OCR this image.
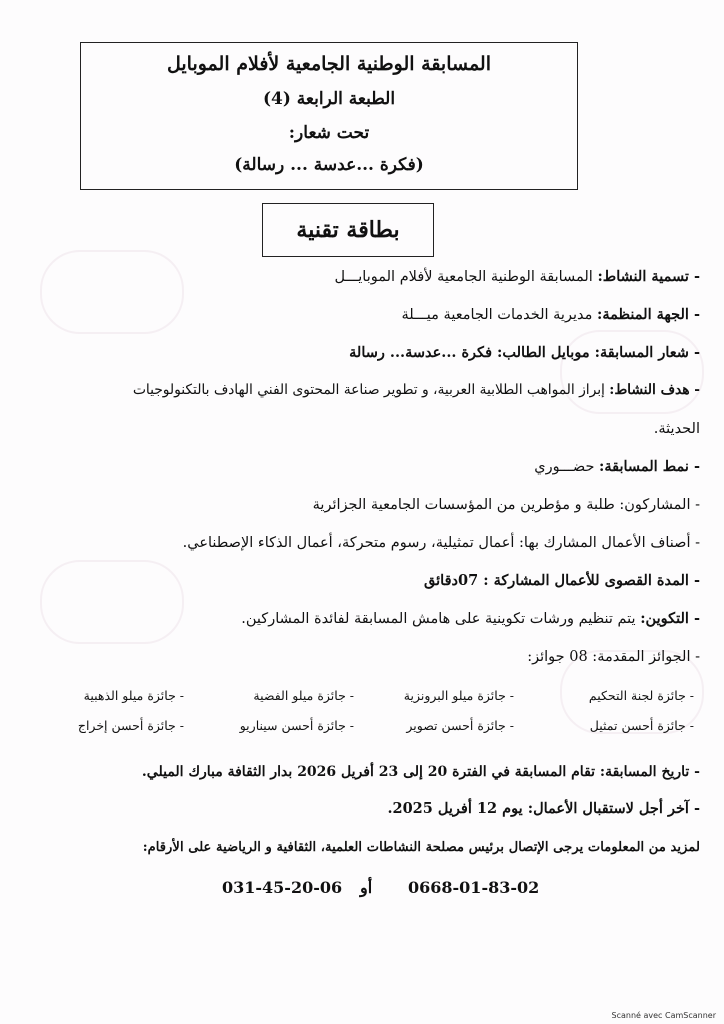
المسابقة الوطنية الجامعية لأفلام الموبايل
الطبعة الرابعة (4)
تحت شعار:
(فكرة ...عدسة ... رسالة)
بطاقة تقنية
- تسمية النشاط: المسابقة الوطنية الجامعية لأفلام الموبايـــل
- الجهة المنظمة: مديرية الخدمات الجامعية ميـــلة
- شعار المسابقة: موبايل الطالب: فكرة ...عدسة... رسالة
- هدف النشاط: إبراز المواهب الطلابية العربية، و تطوير صناعة المحتوى الفني الهادف بالتكنولوجيات
الحديثة.
- نمط المسابقة: حضـــوري
- المشاركون: طلبة و مؤطرين من المؤسسات الجامعية الجزائرية
- أصناف الأعمال المشارك بها: أعمال تمثيلية، رسوم متحركة، أعمال الذكاء الإصطناعي.
- المدة القصوى للأعمال المشاركة : 07دقائق
- التكوين: يتم تنظيم ورشات تكوينية على هامش المسابقة لفائدة المشاركين.
- الجوائز المقدمة: 08 جوائز:
- جائزة لجنة التحكيم
- جائزة ميلو البرونزية
- جائزة ميلو الفضية
- جائزة ميلو الذهبية
- جائزة أحسن تمثيل
- جائزة أحسن تصوير
- جائزة أحسن سيناريو
- جائزة أحسن إخراج
- تاريخ المسابقة: تقام المسابقة في الفترة 20 إلى 23 أفريل 2026 بدار الثقافة مبارك الميلي.
- آخر أجل لاستقبال الأعمال: يوم 12 أفريل 2025.
لمزيد من المعلومات يرجى الإتصال برئيس مصلحة النشاطات العلمية، الثقافية و الرياضية على الأرقام:
0668-01-83-02
أو
031-45-20-06
Scanné avec CamScanner
